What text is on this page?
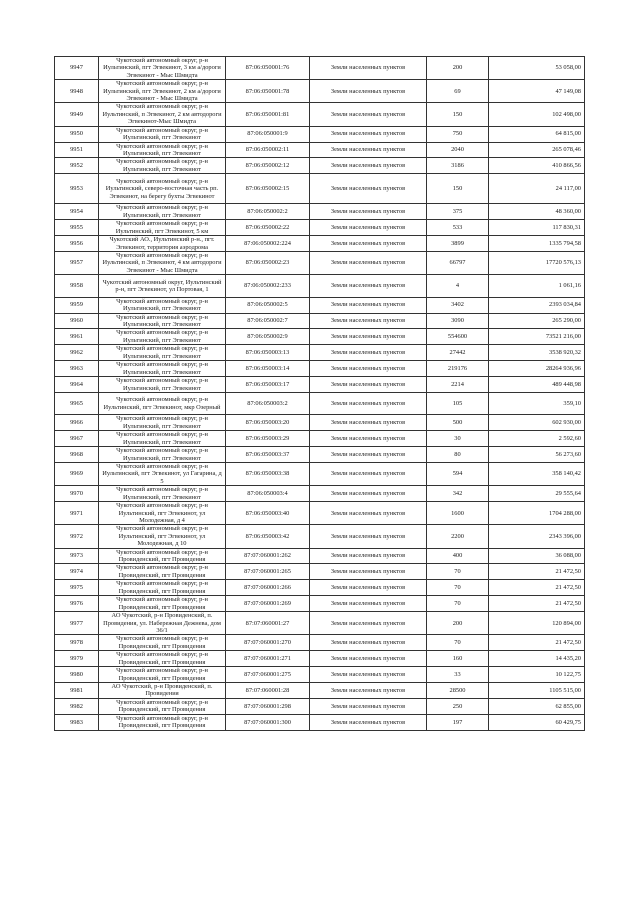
9947	Чукотский автономный округ, р-н Иультинский, пгт Эгвекинот, 3 км а/дороги Эгвекинот - Мыс Шмидта	87:06:050001:76	Земли населенных пунктов	200	53 058,00
9948	Чукотский автономный округ, р-н Иультинский, пгт Эгвекинот, 2 км а/дороги Эгвекинот - Мыс Шмидта	87:06:050001:78	Земли населенных пунктов	69	47 149,08
9949	Чукотский автономный округ, р-н Иультинский, п Эгвекинот, 2 км автодороги Эгвекинот-Мыс Шмидта	87:06:050001:81	Земли населенных пунктов	150	102 498,00
9950	Чукотский автономный округ, р-н Иультинский, пгт Эгвекинот	87:06:050001:9	Земли населенных пунктов	750	64 815,00
9951	Чукотский автономный округ, р-н Иультинский, пгт Эгвекинот	87:06:050002:11	Земли населенных пунктов	2040	265 078,46
9952	Чукотский автономный округ, р-н Иультинский, пгт Эгвекинот	87:06:050002:12	Земли населенных пунктов	3186	410 866,56
9953	Чукотский автономный округ, р-н Иультинский, северо-восточная часть рп. Эгвекинот, на берегу бухты Эгвекинот	87:06:050002:15	Земли населенных пунктов	150	24 117,00
9954	Чукотский автономный округ, р-н Иультинский, пгт Эгвекинот	87:06:050002:2	Земли населенных пунктов	375	48 360,00
9955	Чукотский автономный округ, р-н Иультинский, пгт Эгвекинот, 5 км	87:06:050002:22	Земли населенных пунктов	533	117 830,31
9956	Чукотский АО., Иультинский р-н., пгт. Эгвекинот, территория аэродрома	87:06:050002:224	Земли населенных пунктов	3899	1335 794,58
9957	Чукотский автономный округ, р-н Иультинский, п Эгвекинот, 4 км автодороги Эгвекинот - Мыс Шмидта	87:06:050002:23	Земли населенных пунктов	66797	17720 576,13
9958	Чукотский автономный округ, Иультинский р-н, пгт Эгвекинот, ул Портовая, 1	87:06:050002:233	Земли населенных пунктов	4	1 061,16
9959	Чукотский автономный округ, р-н Иультинский, пгт Эгвекинот	87:06:050002:5	Земли населенных пунктов	3402	2393 034,84
9960	Чукотский автономный округ, р-н Иультинский, пгт Эгвекинот	87:06:050002:7	Земли населенных пунктов	3090	265 290,00
9961	Чукотский автономный округ, р-н Иультинский, пгт Эгвекинот	87:06:050002:9	Земли населенных пунктов	554600	73521 216,00
9962	Чукотский автономный округ, р-н Иультинский, пгт Эгвекинот	87:06:050003:13	Земли населенных пунктов	27442	3538 920,32
9963	Чукотский автономный округ, р-н Иультинский, пгт Эгвекинот	87:06:050003:14	Земли населенных пунктов	219176	28264 936,96
9964	Чукотский автономный округ, р-н Иультинский, пгт Эгвекинот	87:06:050003:17	Земли населенных пунктов	2214	489 448,98
9965	Чукотский автономный округ, р-н Иультинский, пгт Эгвекинот, мкр Озерный	87:06:050003:2	Земли населенных пунктов	105	359,10
9966	Чукотский автономный округ, р-н Иультинский, пгт Эгвекинот	87:06:050003:20	Земли населенных пунктов	500	602 930,00
9967	Чукотский автономный округ, р-н Иультинский, пгт Эгвекинот	87:06:050003:29	Земли населенных пунктов	30	2 592,60
9968	Чукотский автономный округ, р-н Иультинский, пгт Эгвекинот	87:06:050003:37	Земли населенных пунктов	80	56 273,60
9969	Чукотский автономный округ, р-н Иультинский, пгт Эгвекинот, ул Гагарина, д 5	87:06:050003:38	Земли населенных пунктов	594	358 140,42
9970	Чукотский автономный округ, р-н Иультинский, пгт Эгвекинот	87:06:050003:4	Земли населенных пунктов	342	29 555,64
9971	Чукотский автономный округ, р-н Иультинский, пгт Эгвекинот, ул Молодежная, д 4	87:06:050003:40	Земли населенных пунктов	1600	1704 288,00
9972	Чукотский автономный округ, р-н Иультинский, пгт Эгвекинот, ул Молодежная, д 10	87:06:050003:42	Земли населенных пунктов	2200	2343 396,00
9973	Чукотский автономный округ, р-н Провиденский, пгт Провидения	87:07:060001:262	Земли населенных пунктов	400	36 088,00
9974	Чукотский автономный округ, р-н Провиденский, пгт Провидения	87:07:060001:265	Земли населенных пунктов	70	21 472,50
9975	Чукотский автономный округ, р-н Провиденский, пгт Провидения	87:07:060001:266	Земли населенных пунктов	70	21 472,50
9976	Чукотский автономный округ, р-н Провиденский, пгт Провидения	87:07:060001:269	Земли населенных пунктов	70	21 472,50
9977	АО Чукотский, р-н Провиденский, п. Провидения, ул. Набережная Дежнева, дом 36/1	87:07:060001:27	Земли населенных пунктов	200	120 894,00
9978	Чукотский автономный округ, р-н Провиденский, пгт Провидения	87:07:060001:270	Земли населенных пунктов	70	21 472,50
9979	Чукотский автономный округ, р-н Провиденский, пгт Провидения	87:07:060001:271	Земли населенных пунктов	160	14 435,20
9980	Чукотский автономный округ, р-н Провиденский, пгт Провидения	87:07:060001:275	Земли населенных пунктов	33	10 122,75
9981	АО Чукотский, р-н Провиденский, п. Провидения	87:07:060001:28	Земли населенных пунктов	28500	1105 515,00
9982	Чукотский автономный округ, р-н Провиденский, пгт Провидения	87:07:060001:298	Земли населенных пунктов	250	62 855,00
9983	Чукотский автономный округ, р-н Провиденский, пгт Провидения	87:07:060001:300	Земли населенных пунктов	197	60 429,75
